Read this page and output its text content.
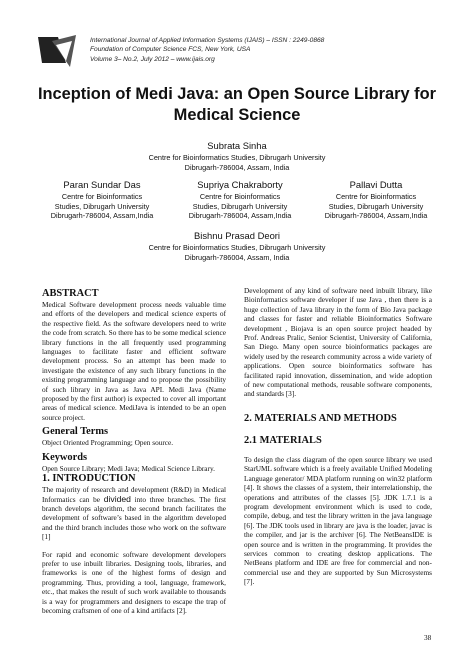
International Journal of Applied Information Systems (IJAIS) – ISSN : 2249-0868
Foundation of Computer Science FCS, New York, USA
Volume 3– No.2, July 2012 – www.ijais.org
Inception of Medi Java: an Open Source Library for
Medical Science
Subrata Sinha
Centre for Bioinformatics Studies, Dibrugarh University
Dibrugarh-786004, Assam, India
Paran Sundar Das
Centre for Bioinformatics
Studies, Dibrugarh University
Dibrugarh-786004, Assam,India
Supriya Chakraborty
Centre for Bioinformatics
Studies, Dibrugarh University
Dibrugarh-786004, Assam,India
Pallavi Dutta
Centre for Bioinformatics
Studies, Dibrugarh University
Dibrugarh-786004, Assam,India
Bishnu Prasad Deori
Centre for Bioinformatics Studies, Dibrugarh University
Dibrugarh-786004, Assam, India
ABSTRACT

Medical Software development process needs valuable time and efforts of the developers and medical science experts of the respective field. As the software developers need to write the code from scratch. So there has to be some medical science library functions in the all frequently used programming languages to facilitate faster and efficient software development process. So an attempt has been made to investigate the existence of any such library functions in the existing programming language and to propose the possibility of such library in Java as Java API. Medi Java (Name proposed by the first author) is expected to cover all important areas of medical science. MediJava is intended to be an open source project.

General Terms

Object Oriented Programming; Open source.

Keywords

Open Source Library; Medi Java; Medical Science Library.

1. INTRODUCTION

The majority of research and development (R&D) in Medical Informatics can be divided into three branches. The first branch develops algorithm, the second branch facilitates the development of software’s based in the algorithm developed and the third branch includes those who work on the software [1]

For rapid and economic software development developers prefer to use inbuilt libraries. Designing tools, libraries, and frameworks is one of the highest forms of design and programming. Thus, providing a tool, language, framework, etc., that makes the result of such work available to thousands is a way for programmers and designers to escape the trap of becoming craftsmen of one of a kind artifacts [2].

Development of any kind of software need inbuilt library, like Bioinformatics software developer if use Java , then there is a huge collection of Java library in the form of Bio Java package and classes for faster and reliable Bioinformatics Software development , Biojava is an open source project headed by Prof. Andreas Pralic, Senior Scientist, University of California, San Diego. Many open source bioinformatics packages are widely used by the research community across a wide variety of applications. Open source bioinformatics software has facilitated rapid innovation, dissemination, and wide adoption of new computational methods, reusable software components, and standards [3].

2. MATERIALS AND METHODS
2.1 MATERIALS

To design the class diagram of the open source library we used StarUML software which is a freely available Unified Modeling Language generator/ MDA platform running on win32 platform [4]. It shows the classes of a system, their interrelationship, the operations and attributes of the classes [5]. JDK 1.7.1 is a program development environment which is used to code, compile, debug, and test the library written in the java language [6]. The JDK tools used in library are java is the loader, javac is the compiler, and jar is the archiver [6]. The NetBeansIDE is open source and is written in the programming. It provides the services common to creating desktop applications. The NetBeans platform and IDE are free for commercial and non-commercial use and they are supported by Sun Microsystems [7].

38
